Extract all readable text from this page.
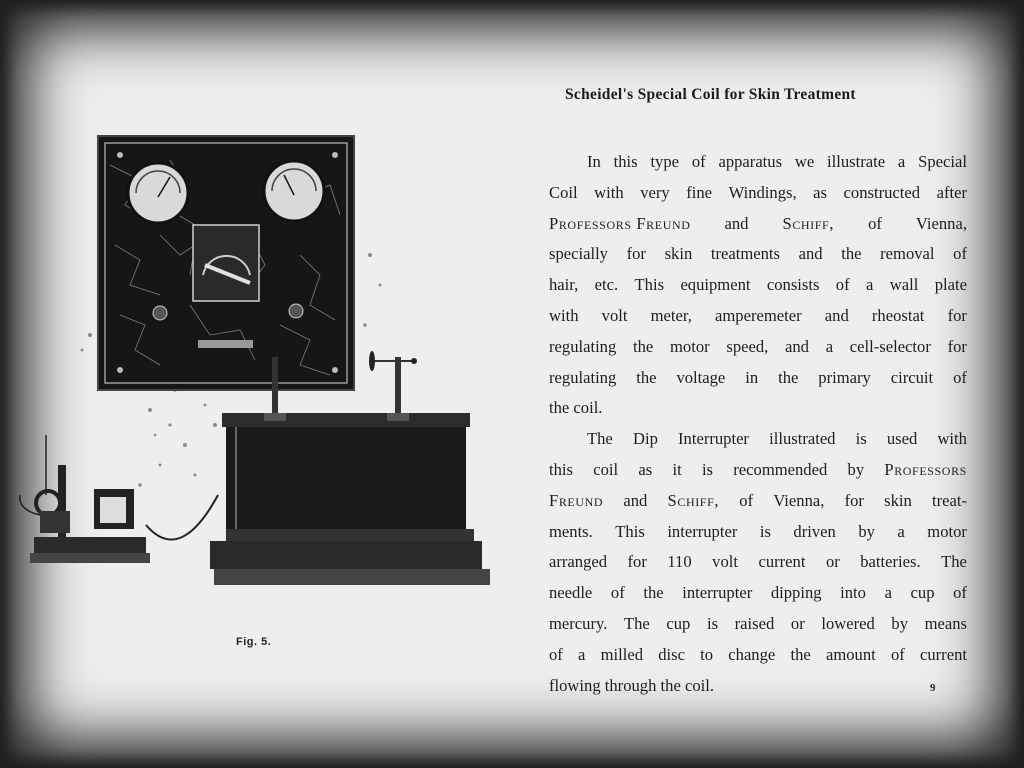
Scheidel's Special Coil for Skin Treatment
In this type of apparatus we illustrate a Special
Coil with very fine Windings, as constructed after
Professors Freund and Schiff, of Vienna,
specially for skin treatments and the removal of
hair, etc. This equipment consists of a wall plate
with volt meter, amperemeter and rheostat for
regulating the motor speed, and a cell-selector for
regulating the voltage in the primary circuit of
the coil.
The Dip Interrupter illustrated is used with
this coil as it is recommended by Professors
Freund and Schiff, of Vienna, for skin treat-
ments. This interrupter is driven by a motor
arranged for 110 volt current or batteries. The
needle of the interrupter dipping into a cup of
mercury. The cup is raised or lowered by means
of a milled disc to change the amount of current
flowing through the coil.
Fig. 5.
9
